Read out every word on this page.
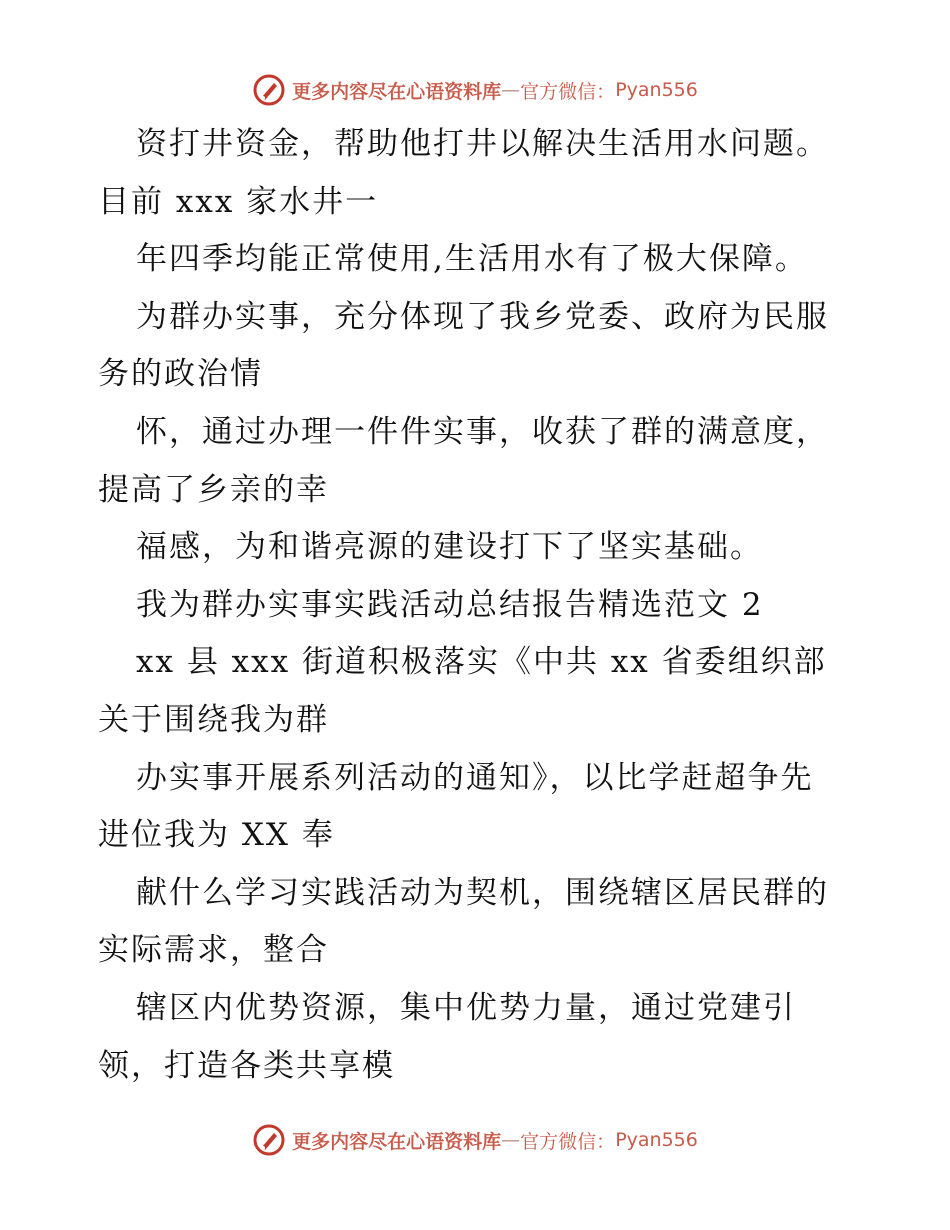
更多内容尽在心语资料库 — 官方微信： Pyan556
资打井资金，帮助他打井以解决生活用水问题。
目前 xxx 家水井一
年四季均能正常使用,生活用水有了极大保障。
为群办实事，充分体现了我乡党委、政府为民服
务的政治情
怀，通过办理一件件实事，收获了群的满意度，
提高了乡亲的幸
福感，为和谐亮源的建设打下了坚实基础。
我为群办实事实践活动总结报告精选范文 2
xx 县 xxx 街道积极落实《中共 xx 省委组织部
关于围绕我为群
办实事开展系列活动的通知》，以比学赶超争先
进位我为 XX 奉
献什么学习实践活动为契机，围绕辖区居民群的
实际需求，整合
辖区内优势资源，集中优势力量，通过党建引
领，打造各类共享模
更多内容尽在心语资料库 — 官方微信： Pyan556
